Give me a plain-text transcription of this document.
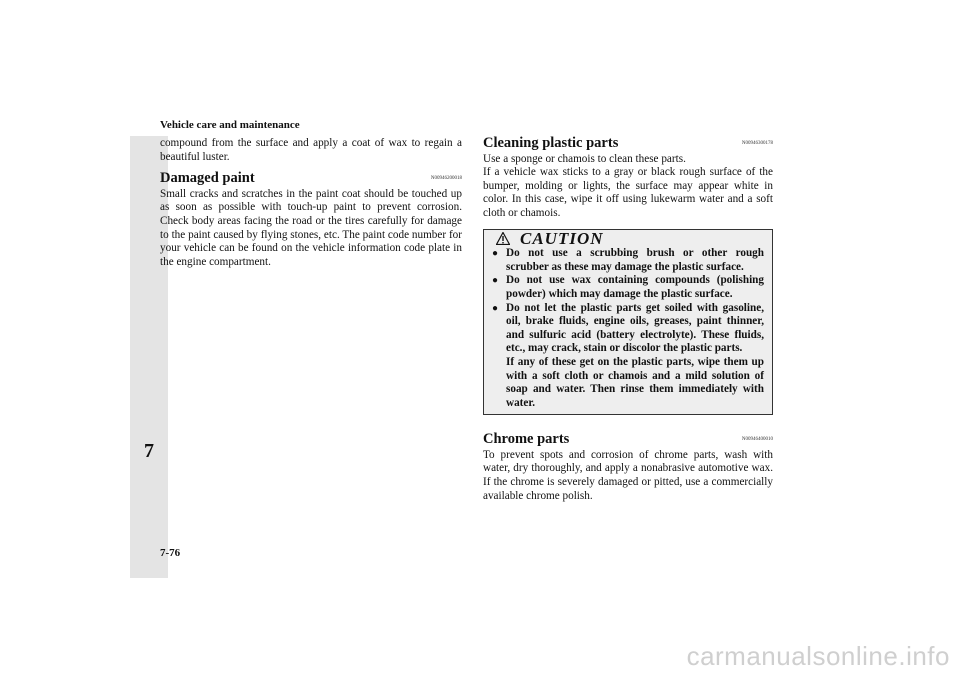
Vehicle care and maintenance
7
7-76

compound from the surface and apply a coat of wax to regain a beautiful luster.

Damaged paint	N00946200018

Small cracks and scratches in the paint coat should be touched up as soon as possible with touch-up paint to prevent corrosion. Check body areas facing the road or the tires carefully for damage to the paint caused by flying stones, etc. The paint code number for your vehicle can be found on the vehicle information code plate in the engine compartment.

Cleaning plastic parts	N00946300178

Use a sponge or chamois to clean these parts.

If a vehicle wax sticks to a gray or black rough surface of the bumper, molding or lights, the surface may appear white in color. In this case, wipe it off using lukewarm water and a soft cloth or chamois.

CAUTION
● Do not use a scrubbing brush or other rough scrubber as these may damage the plastic surface.
● Do not use wax containing compounds (polishing powder) which may damage the plastic surface.
● Do not let the plastic parts get soiled with gasoline, oil, brake fluids, engine oils, greases, paint thinner, and sulfuric acid (battery electrolyte). These fluids, etc., may crack, stain or discolor the plastic parts.
If any of these get on the plastic parts, wipe them up with a soft cloth or chamois and a mild solution of soap and water. Then rinse them immediately with water.
Chrome parts	N00946400010

To prevent spots and corrosion of chrome parts, wash with water, dry thoroughly, and apply a nonabrasive automotive wax. If the chrome is severely damaged or pitted, use a commercially available chrome polish.

carmanualsonline.info
